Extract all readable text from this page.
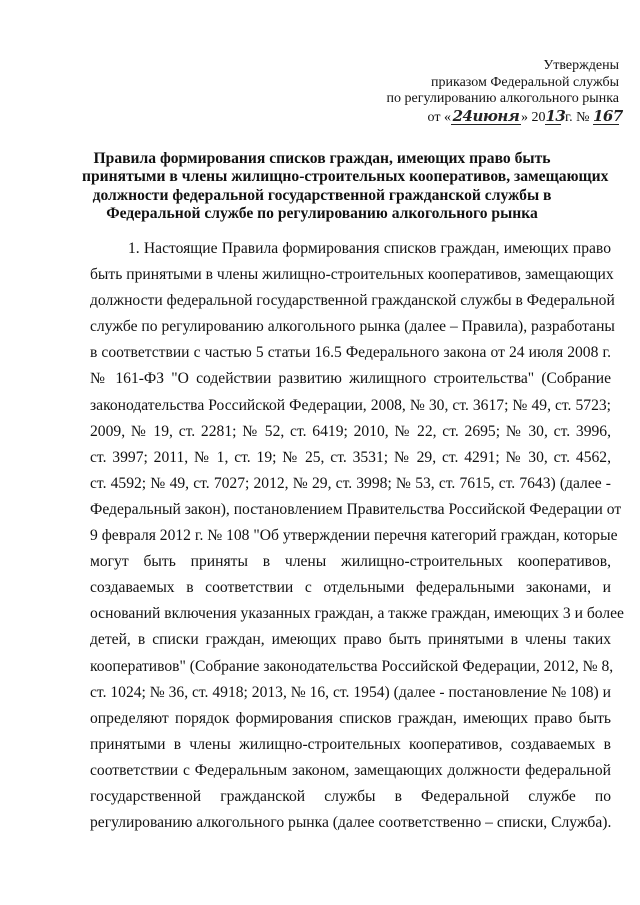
Утверждены
приказом Федеральной службы
по регулированию алкогольного рынка
от « 24июня » 2013 г. № 167
Правила формирования списков граждан, имеющих право быть
принятыми в члены жилищно-строительных кооперативов, замещающих
должности федеральной государственной гражданской службы в
Федеральной службе по регулированию алкогольного рынка
1. Настоящие Правила формирования списков граждан, имеющих право
быть принятыми в члены жилищно-строительных кооперативов, замещающих
должности федеральной государственной гражданской службы в Федеральной
службе по регулированию алкогольного рынка (далее – Правила), разработаны
в соответствии с частью 5 статьи 16.5 Федерального закона от 24 июля 2008 г.
№ 161-ФЗ "О содействии развитию жилищного строительства" (Собрание
законодательства Российской Федерации, 2008, № 30, ст. 3617; № 49, ст. 5723;
2009, № 19, ст. 2281; № 52, ст. 6419; 2010, № 22, ст. 2695; № 30, ст. 3996,
ст. 3997; 2011, № 1, ст. 19; № 25, ст. 3531; № 29, ст. 4291; № 30, ст. 4562,
ст. 4592; № 49, ст. 7027; 2012, № 29, ст. 3998; № 53, ст. 7615, ст. 7643) (далее -
Федеральный закон), постановлением Правительства Российской Федерации от
9 февраля 2012 г. № 108 "Об утверждении перечня категорий граждан, которые
могут быть приняты в члены жилищно-строительных кооперативов,
создаваемых в соответствии с отдельными федеральными законами, и
оснований включения указанных граждан, а также граждан, имеющих 3 и более
детей, в списки граждан, имеющих право быть принятыми в члены таких
кооперативов" (Собрание законодательства Российской Федерации, 2012, № 8,
ст. 1024; № 36, ст. 4918; 2013, № 16, ст. 1954) (далее - постановление № 108) и
определяют порядок формирования списков граждан, имеющих право быть
принятыми в члены жилищно-строительных кооперативов, создаваемых в
соответствии с Федеральным законом, замещающих должности федеральной
государственной гражданской службы в Федеральной службе по
регулированию алкогольного рынка (далее соответственно – списки, Служба).
